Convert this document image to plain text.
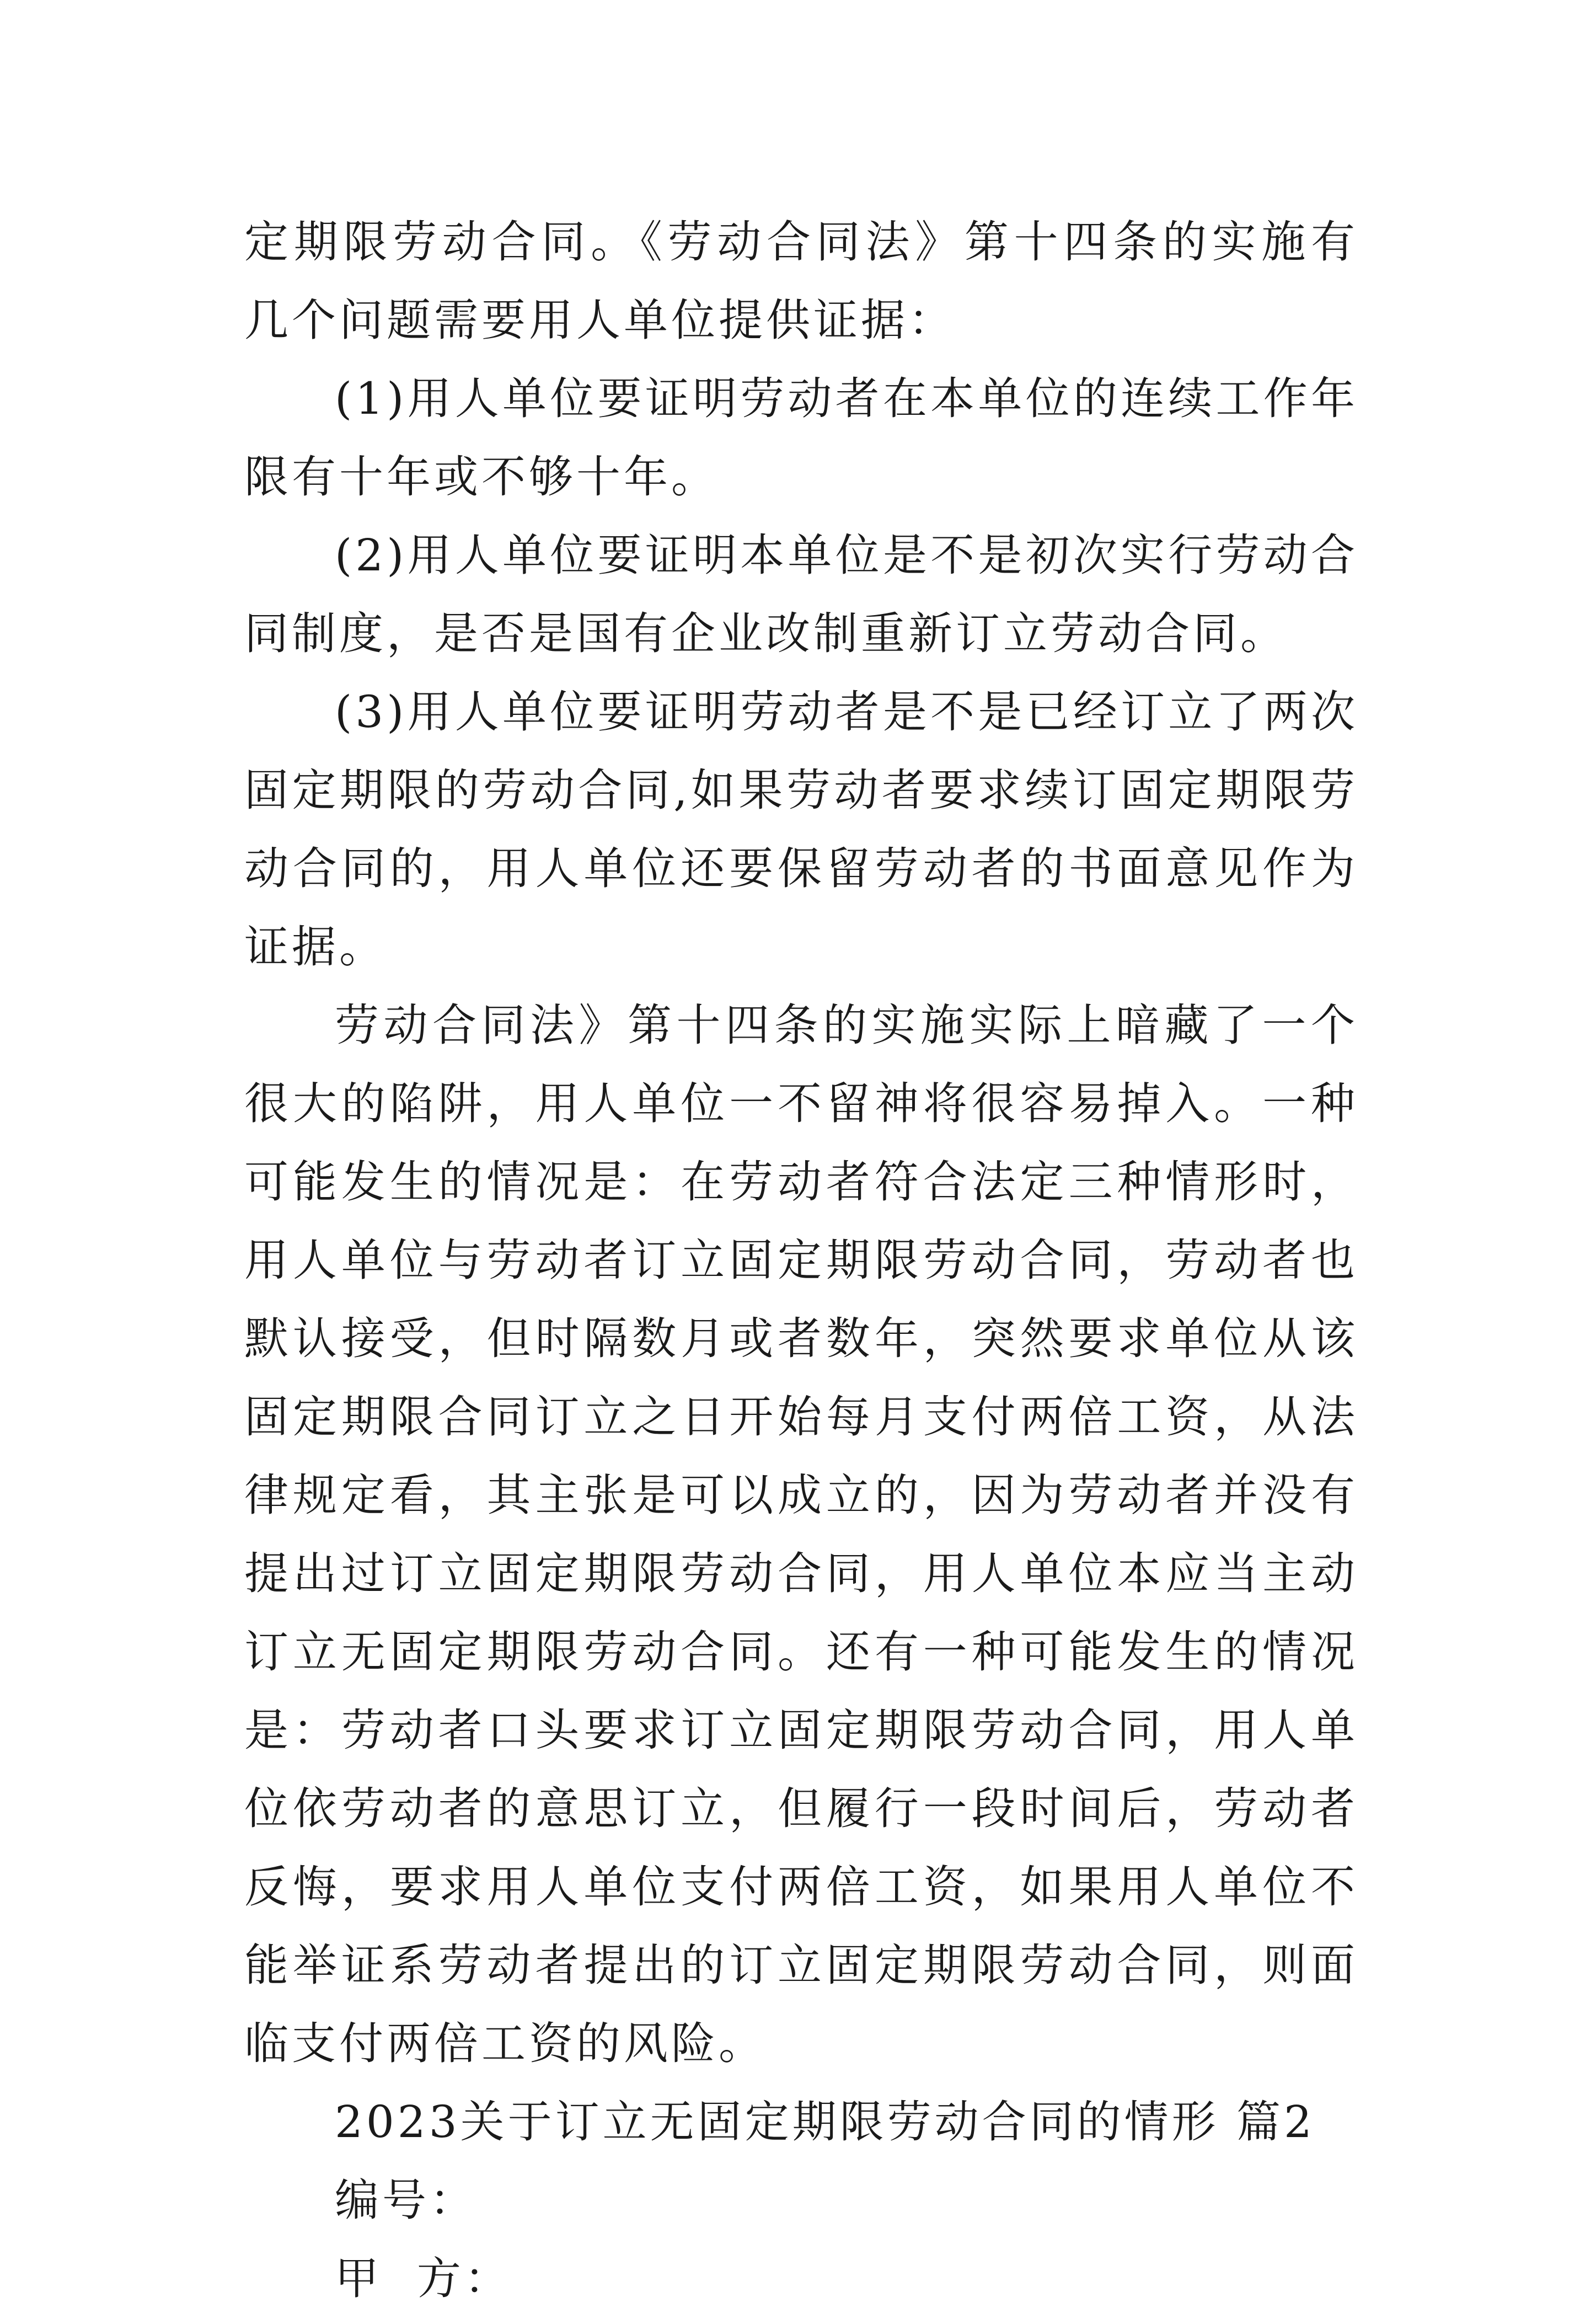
定期限劳动合同。《劳动合同法》第十四条的实施有几个问题需要用人单位提供证据：

(1)用人单位要证明劳动者在本单位的连续工作年限有十年或不够十年。

(2)用人单位要证明本单位是不是初次实行劳动合同制度，是否是国有企业改制重新订立劳动合同。

(3)用人单位要证明劳动者是不是已经订立了两次固定期限的劳动合同,如果劳动者要求续订固定期限劳动合同的，用人单位还要保留劳动者的书面意见作为证据。

劳动合同法》第十四条的实施实际上暗藏了一个很大的陷阱，用人单位一不留神将很容易掉入。一种可能发生的情况是：在劳动者符合法定三种情形时，用人单位与劳动者订立固定期限劳动合同，劳动者也默认接受，但时隔数月或者数年，突然要求单位从该固定期限合同订立之日开始每月支付两倍工资，从法律规定看，其主张是可以成立的，因为劳动者并没有提出过订立固定期限劳动合同，用人单位本应当主动订立无固定期限劳动合同。还有一种可能发生的情况是：劳动者口头要求订立固定期限劳动合同，用人单位依劳动者的意思订立，但履行一段时间后，劳动者反悔，要求用人单位支付两倍工资，如果用人单位不能举证系劳动者提出的订立固定期限劳动合同，则面临支付两倍工资的风险。

2023关于订立无固定期限劳动合同的情形 篇2

编号：

甲  方：
